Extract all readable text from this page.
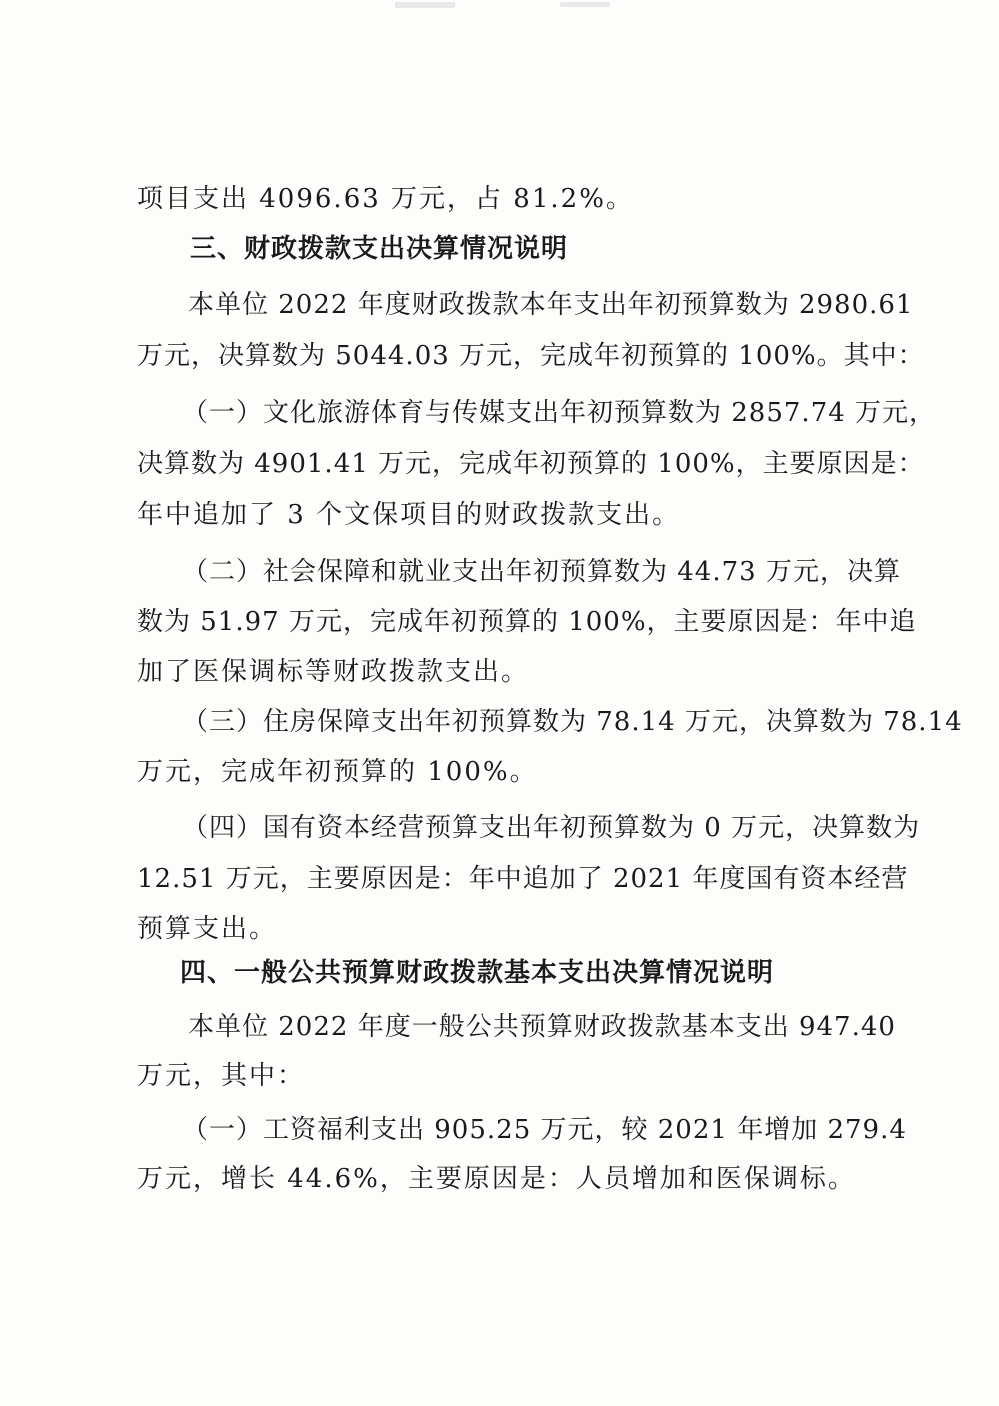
项目支出 4096.63 万元，占 81.2%。
三、财政拨款支出决算情况说明
本单位 2022 年度财政拨款本年支出年初预算数为 2980.61
万元，决算数为 5044.03 万元，完成年初预算的 100%。其中：
（一）文化旅游体育与传媒支出年初预算数为 2857.74 万元，
决算数为 4901.41 万元，完成年初预算的 100%，主要原因是：
年中追加了 3 个文保项目的财政拨款支出。
（二）社会保障和就业支出年初预算数为 44.73 万元，决算
数为 51.97 万元，完成年初预算的 100%，主要原因是：年中追
加了医保调标等财政拨款支出。
（三）住房保障支出年初预算数为 78.14 万元，决算数为 78.14
万元，完成年初预算的 100%。
（四）国有资本经营预算支出年初预算数为 0 万元，决算数为
12.51 万元，主要原因是：年中追加了 2021 年度国有资本经营
预算支出。
四、一般公共预算财政拨款基本支出决算情况说明
本单位 2022 年度一般公共预算财政拨款基本支出 947.40
万元，其中：
（一）工资福利支出 905.25 万元，较 2021 年增加 279.4
万元，增长 44.6%，主要原因是：人员增加和医保调标。
